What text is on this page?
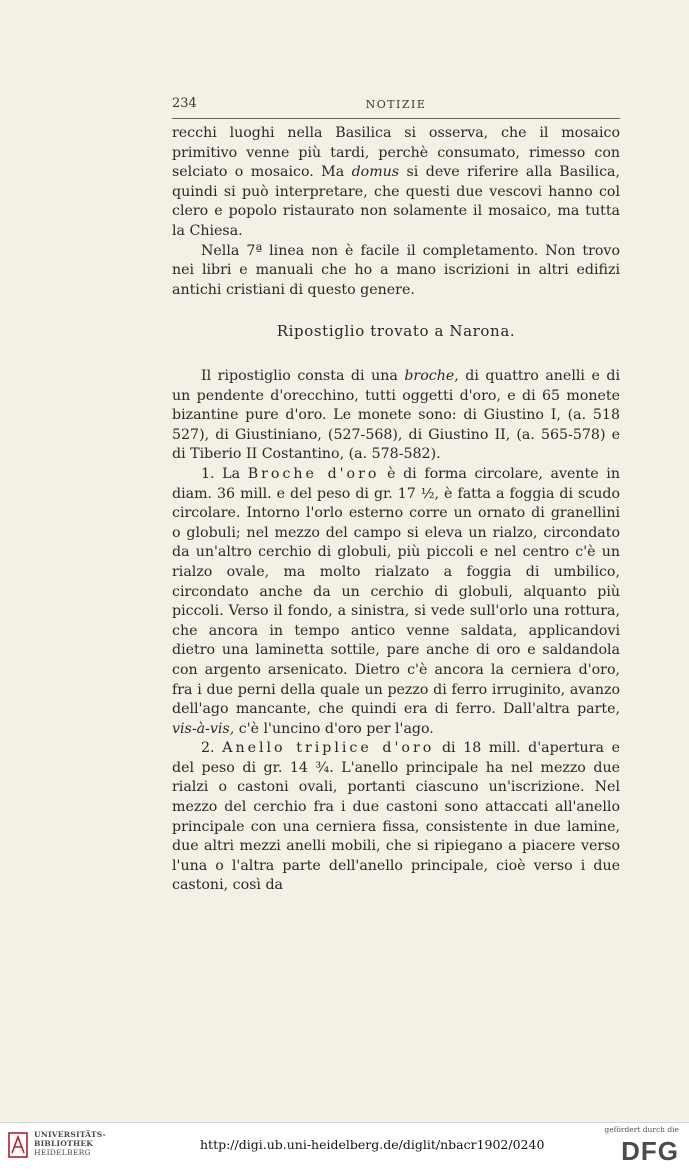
234	NOTIZIE

recchi luoghi nella Basilica si osserva, che il mosaico primitivo venne più tardi, perchè consumato, rimesso con selciato o mosaico. Ma domus si deve riferire alla Basilica, quindi si può interpretare, che questi due vescovi hanno col clero e popolo ristaurato non solamente il mosaico, ma tutta la Chiesa.

Nella 7ª linea non è facile il completamento. Non trovo nei libri e manuali che ho a mano iscrizioni in altri edifizi antichi cristiani di questo genere.

Ripostiglio trovato a Narona.

Il ripostiglio consta di una broche, di quattro anelli e di un pendente d'orecchino, tutti oggetti d'oro, e di 65 monete bizantine pure d'oro. Le monete sono: di Giustino I, (a. 518 527), di Giustiniano, (527-568), di Giustino II, (a. 565-578) e di Tiberio II Costantino, (a. 578-582).

1. La Broche d'oro è di forma circolare, avente in diam. 36 mill. e del peso di gr. 17 ½, è fatta a foggia di scudo circolare. Intorno l'orlo esterno corre un ornato di granellini o globuli; nel mezzo del campo si eleva un rialzo, circondato da un'altro cerchio di globuli, più piccoli e nel centro c'è un rialzo ovale, ma molto rialzato a foggia di umbilico, circondato anche da un cerchio di globuli, alquanto più piccoli. Verso il fondo, a sinistra, si vede sull'orlo una rottura, che ancora in tempo antico venne saldata, applicandovi dietro una laminetta sottile, pare anche di oro e saldandola con argento arsenicato. Dietro c'è ancora la cerniera d'oro, fra i due perni della quale un pezzo di ferro irruginito, avanzo dell'ago mancante, che quindi era di ferro. Dall'altra parte, vis-à-vis, c'è l'uncino d'oro per l'ago.

2. Anello triplice d'oro di 18 mill. d'apertura e del peso di gr. 14 ¾. L'anello principale ha nel mezzo due rialzi o castoni ovali, portanti ciascuno un'iscrizione. Nel mezzo del cerchio fra i due castoni sono attaccati all'anello principale con una cerniera fissa, consistente in due lamine, due altri mezzi anelli mobili, che si ripiegano a piacere verso l'una o l'altra parte dell'anello principale, cioè verso i due castoni, così da

UNIVERSITÄTS-
BIBLIOTHEK
HEIDELBERG
http://digi.ub.uni-heidelberg.de/diglit/nbacr1902/0240
gefördert durch die
DFG
